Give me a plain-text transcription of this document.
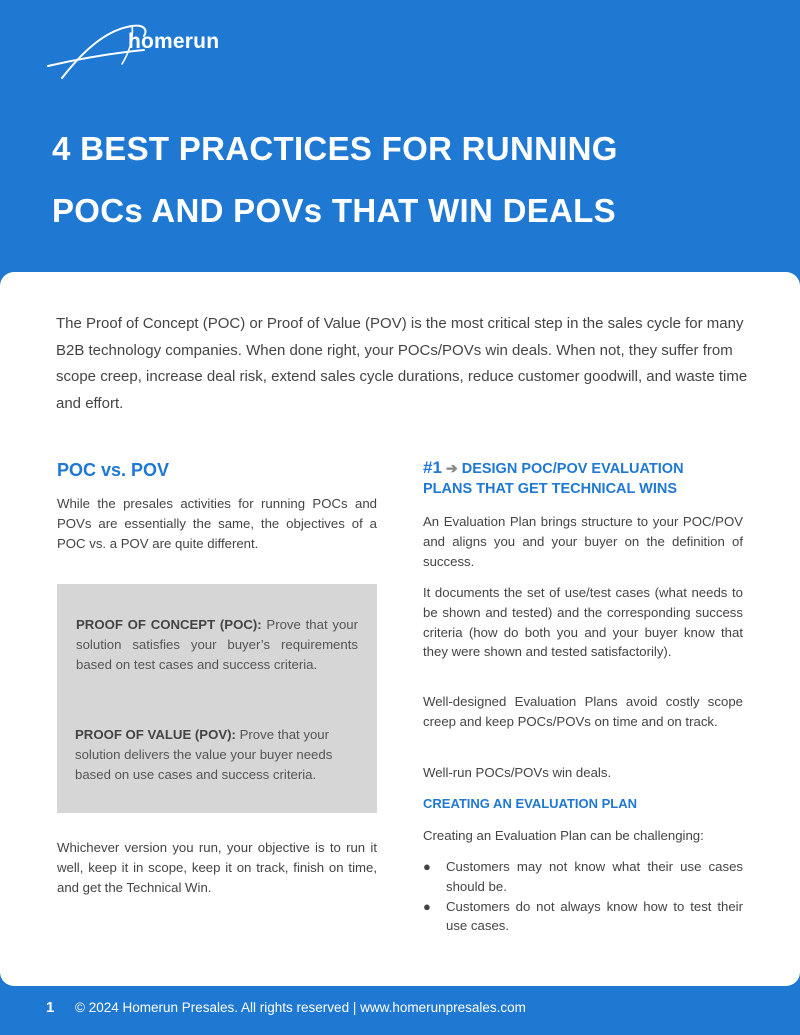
homerun
4 BEST PRACTICES FOR RUNNING
POCs AND POVs THAT WIN DEALS

The Proof of Concept (POC) or Proof of Value (POV) is the most critical step in the sales cycle for many B2B technology companies. When done right, your POCs/POVs win deals. When not, they suffer from scope creep, increase deal risk, extend sales cycle durations, reduce customer goodwill, and waste time and effort.

POC vs. POV

While the presales activities for running POCs and POVs are essentially the same, the objectives of a POC vs. a POV are quite different.

PROOF OF CONCEPT (POC): Prove that your solution satisfies your buyer’s requirements based on test cases and success criteria.

PROOF OF VALUE (POV): Prove that your solution delivers the value your buyer needs based on use cases and success criteria.

Whichever version you run, your objective is to run it well, keep it in scope, keep it on track, finish on time, and get the Technical Win.

#1 ➔ DESIGN POC/POV EVALUATION
PLANS THAT GET TECHNICAL WINS

An Evaluation Plan brings structure to your POC/POV and aligns you and your buyer on the definition of success.

It documents the set of use/test cases (what needs to be shown and tested) and the corresponding success criteria (how do both you and your buyer know that they were shown and tested satisfactorily).

Well-designed Evaluation Plans avoid costly scope creep and keep POCs/POVs on time and on track.

Well-run POCs/POVs win deals.

CREATING AN EVALUATION PLAN

Creating an Evaluation Plan can be challenging:

●	Customers may not know what their use cases should be.
●	Customers do not always know how to test their use cases.
1 © 2024 Homerun Presales. All rights reserved | www.homerunpresales.com
